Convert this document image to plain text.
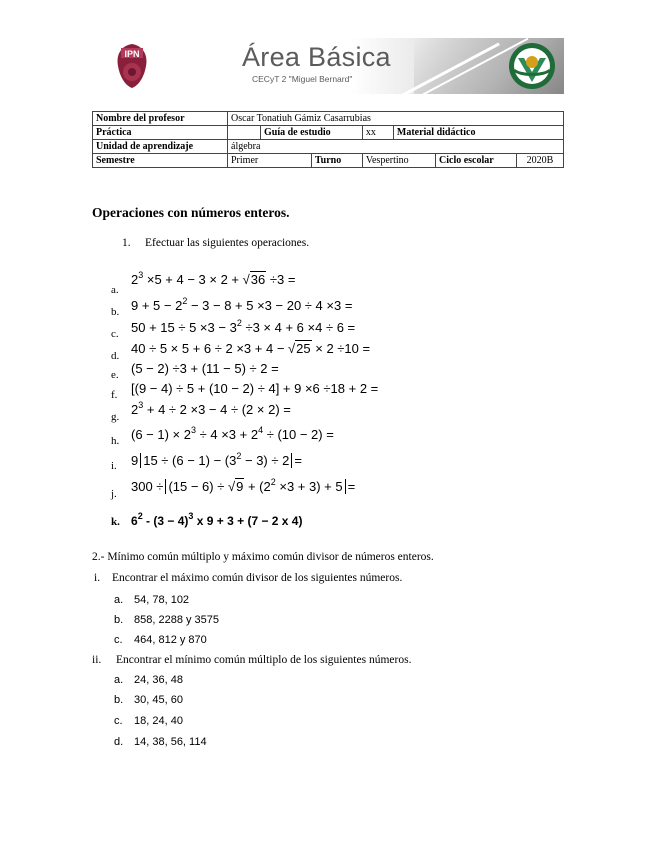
IPN	Área Básica
CECyT 2 "Miguel Bernard"
Nombre del profesor	Oscar Tonatiuh Gámiz Casarrubias						
Práctica		Guía de estudio		xx	Material didáctico		
Unidad de aprendizaje	álgebra						
Semestre	Primer		Turno	Vespertino		Ciclo escolar	2020B
Operaciones con números enteros.
1. Efectuar las siguientes operaciones.
a.
$2^3 \times 5 + 4 - 3 \times 2 + √36 \div 3$ =
b. $9 + 5 - 2^2 - 3 - 8 + 5 \times 3 - 20 \div 4 \times 3$ =
c. $50 + 15 \div 5 \times 3 - 3^2 \div 3 \times 4 + 6 \times 4 \div 6$ =
d. 40 ÷ 5 × 5 + 6 ÷ 2 ×3 + 4 − √25 × 2 ÷10 =
e. (5 − 2) ÷3 + (11 − 5) ÷ 2 =
f. [(9 − 4) ÷ 5 + (10 − 2) ÷ 4] + 9 ×6 ÷18 + 2 =
g. $2^3 + 4 \div 2 \times 3 - 4 \div (2 \times 2)$ =
h. $(6 - 1) \times 2^3 \div 4 \times 3 + 2^4 \div (10 - 2)$ =
i. 9 $15 \div (6 - 1) - (3^2 - 3) \div 2$ =
j. $300 \div (15 - 6) \div √9 + (2^2 \times 3 + 3) + 5$ =
k. $6^2 - (3 - 4)^3$ x 9 + 3 + (7 − 2 x 4)
2.- Mínimo común múltiplo y máximo común divisor de números enteros.
i. Encontrar el máximo común divisor de los siguientes números.
a. 54, 78, 102
b. 858, 2288 y 3575
c. 464, 812 y 870
ii. Encontrar el mínimo común múltiplo de los siguientes números.
a. 24, 36, 48
b. 30, 45, 60
c. 18, 24, 40
d. 14, 38, 56, 114
